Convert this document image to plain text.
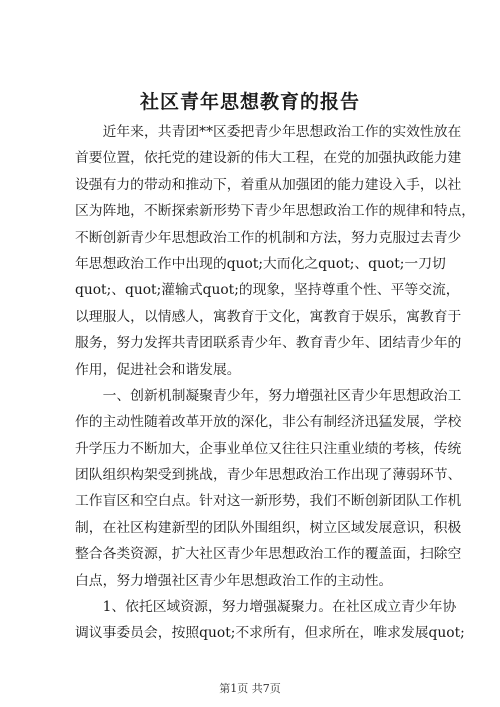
社区青年思想教育的报告
　　近年来，共青团**区委把青少年思想政治工作的实效性放在
首要位置，依托党的建设新的伟大工程，在党的加强执政能力建
设强有力的带动和推动下，着重从加强团的能力建设入手，以社
区为阵地，不断探索新形势下青少年思想政治工作的规律和特点，
不断创新青少年思想政治工作的机制和方法，努力克服过去青少
年思想政治工作中出现的quot;大而化之quot;、quot;一刀切
quot;、quot;灌输式quot;的现象，坚持尊重个性、平等交流，
以理服人，以情感人，寓教育于文化，寓教育于娱乐，寓教育于
服务，努力发挥共青团联系青少年、教育青少年、团结青少年的
作用，促进社会和谐发展。
　　一、创新机制凝聚青少年，努力增强社区青少年思想政治工
作的主动性随着改革开放的深化，非公有制经济迅猛发展，学校
升学压力不断加大，企事业单位又往往只注重业绩的考核，传统
团队组织构架受到挑战，青少年思想政治工作出现了薄弱环节、
工作盲区和空白点。针对这一新形势，我们不断创新团队工作机
制，在社区构建新型的团队外围组织，树立区域发展意识，积极
整合各类资源，扩大社区青少年思想政治工作的覆盖面，扫除空
白点，努力增强社区青少年思想政治工作的主动性。
　　1、依托区域资源，努力增强凝聚力。在社区成立青少年协
调议事委员会，按照quot;不求所有，但求所在，唯求发展quot;
第1页 共7页
